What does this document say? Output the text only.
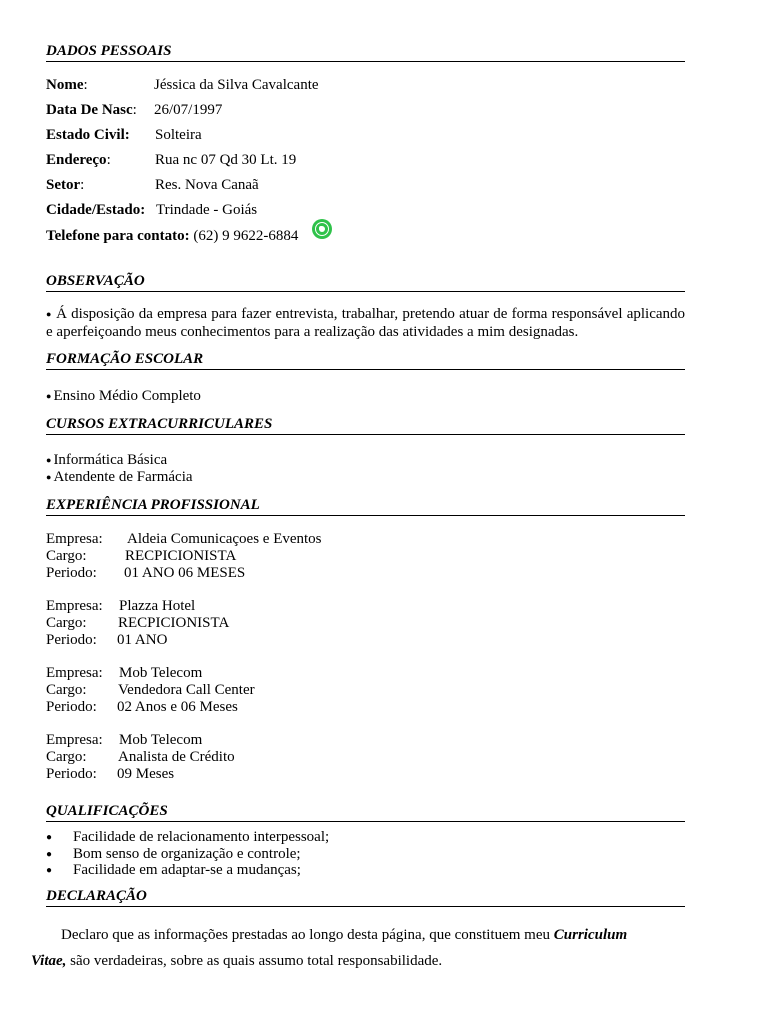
DADOS PESSOAIS
Nome:	Jéssica da Silva Cavalcante
Data De Nasc: 26/07/1997
Estado Civil: Solteira
Endereço:	Rua nc 07 Qd 30 Lt. 19
Setor:	Res. Nova Canaã
Cidade/Estado: Trindade - Goiás
Telefone para contato: (62) 9 9622-6884
OBSERVAÇÃO
● Á disposição da empresa para fazer entrevista, trabalhar, pretendo atuar de forma responsável aplicando e aperfeiçoando meus conhecimentos para a realização das atividades a mim designadas.
FORMAÇÃO ESCOLAR
● Ensino Médio Completo
CURSOS EXTRACURRICULARES
● Informática Básica
● Atendente de Farmácia
EXPERIÊNCIA PROFISSIONAL
Empresa: Aldeia Comunicaçoes e Eventos
Cargo:	RECPICIONISTA
Periodo: 01 ANO 06 MESES
Empresa: Plazza Hotel
Cargo: RECPICIONISTA
Periodo: 01 ANO
Empresa: Mob Telecom
Cargo: Vendedora Call Center
Periodo: 02 Anos e 06 Meses
Empresa: Mob Telecom
Cargo: Analista de Crédito
Periodo: 09 Meses
QUALIFICAÇÕES
● Facilidade de relacionamento interpessoal;
● Bom senso de organização e controle;
● Facilidade em adaptar-se a mudanças;
DECLARAÇÃO
Declaro que as informações prestadas ao longo desta página, que constituem meu Curriculum
Vitae, são verdadeiras, sobre as quais assumo total responsabilidade.
